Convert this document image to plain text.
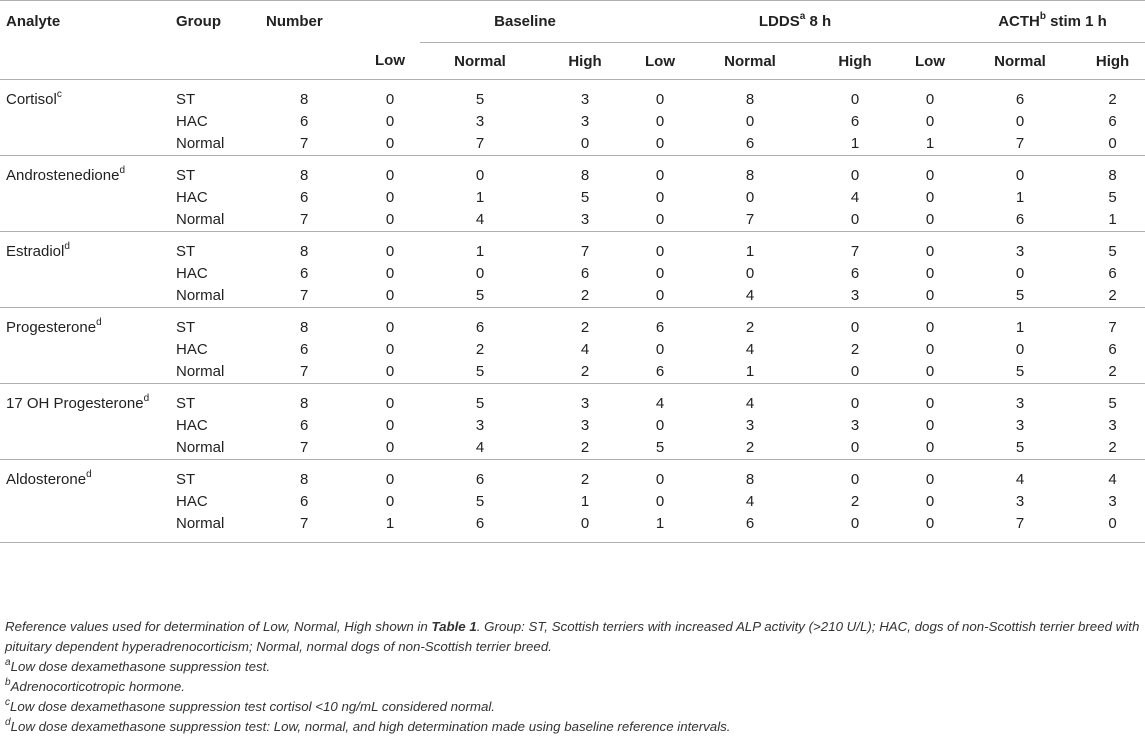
Analyte	Group	Number		Baseline			LDDS$^a$ 8 h			ACTH$^b$ stim 1 h	
			Low	Normal	High	Low	Normal	High	Low	Normal	High

Cortisol$^c$	ST	8	0	5	3	0	8	0	0	6	2
	HAC	6	0	3	3	0	0	6	0	0	6
	Normal	7	0	7	0	0	6	1	1	7	0

Androstenedione$^d$	ST	8	0	0	8	0	8	0	0	0	8
	HAC	6	0	1	5	0	0	4	0	1	5
	Normal	7	0	4	3	0	7	0	0	6	1

Estradiol$^d$	ST	8	0	1	7	0	1	7	0	3	5
	HAC	6	0	0	6	0	0	6	0	0	6
	Normal	7	0	5	2	0	4	3	0	5	2

Progesterone$^d$	ST	8	0	6	2	6	2	0	0	1	7
	HAC	6	0	2	4	0	4	2	0	0	6
	Normal	7	0	5	2	6	1	0	0	5	2

17 OH Progesterone$^d$	ST	8	0	5	3	4	4	0	0	3	5
	HAC	6	0	3	3	0	3	3	0	3	3
	Normal	7	0	4	2	5	2	0	0	5	2

Aldosterone$^d$	ST	8	0	6	2	0	8	0	0	4	4
	HAC	6	0	5	1	0	4	2	0	3	3
	Normal	7	1	6	0	1	6	0	0	7	0

Reference values used for determination of Low, Normal, High shown in Table 1. Group: ST, Scottish terriers with increased ALP activity (>210 U/L); HAC, dogs of non-Scottish terrier breed with pituitary dependent hyperadrenocorticism; Normal, normal dogs of non-Scottish terrier breed.

$^a$Low dose dexamethasone suppression test.

$^b$Adrenocorticotropic hormone.

$^c$Low dose dexamethasone suppression test cortisol <10 ng/mL considered normal.

$^d$Low dose dexamethasone suppression test: Low, normal, and high determination made using baseline reference intervals.
